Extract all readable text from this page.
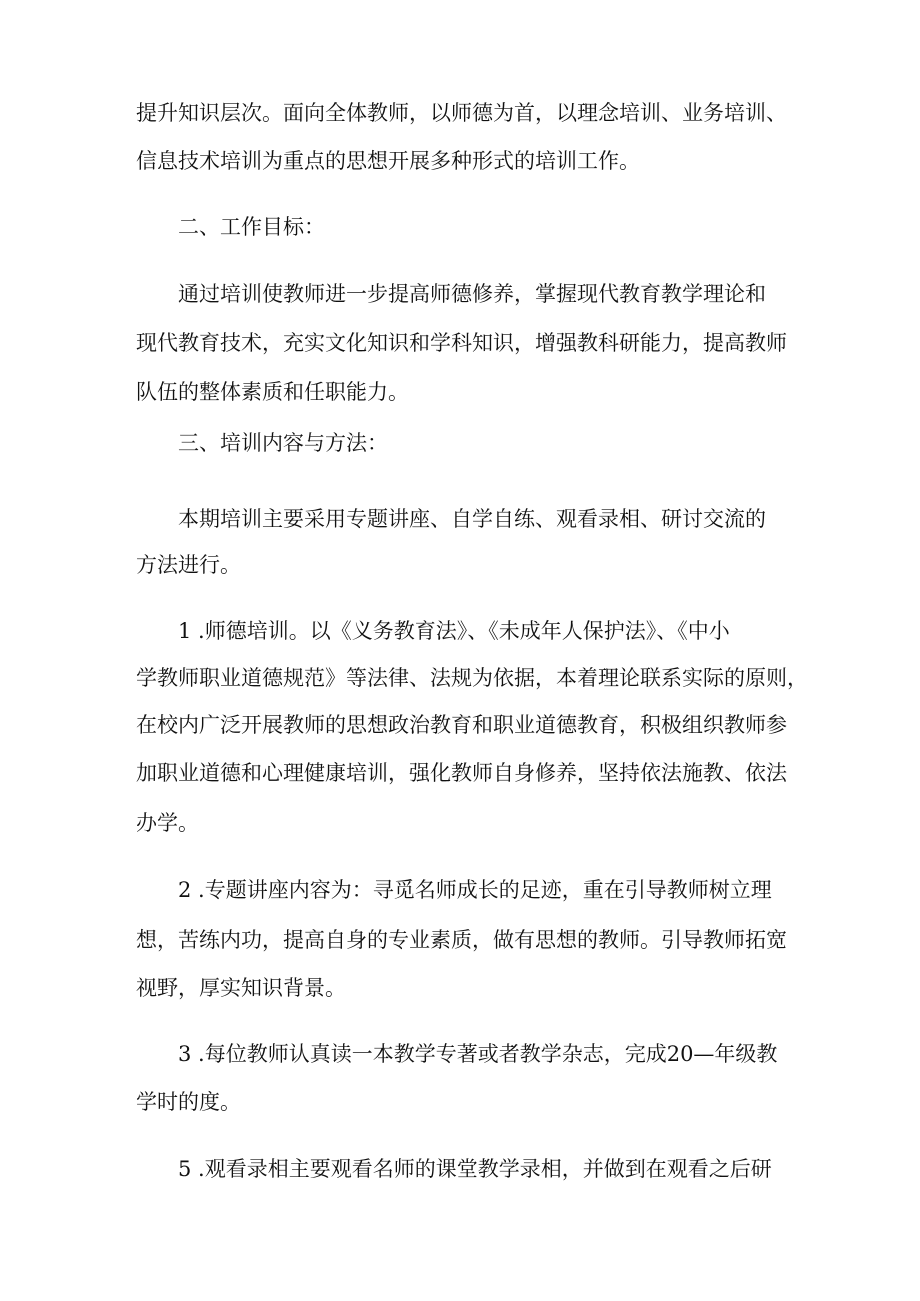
提升知识层次。面向全体教师，以师德为首，以理念培训、业务培训、
信息技术培训为重点的思想开展多种形式的培训工作。
二、工作目标：
通过培训使教师进一步提高师德修养，掌握现代教育教学理论和
现代教育技术，充实文化知识和学科知识，增强教科研能力，提高教师
队伍的整体素质和任职能力。
三、培训内容与方法：
本期培训主要采用专题讲座、自学自练、观看录相、研讨交流的
方法进行。
1 .师德培训。以《义务教育法》、《未成年人保护法》、《中小
学教师职业道德规范》等法律、法规为依据，本着理论联系实际的原则，
在校内广泛开展教师的思想政治教育和职业道德教育，积极组织教师参
加职业道德和心理健康培训，强化教师自身修养，坚持依法施教、依法
办学。
2 .专题讲座内容为：寻觅名师成长的足迹，重在引导教师树立理
想，苦练内功，提高自身的专业素质，做有思想的教师。引导教师拓宽
视野，厚实知识背景。
3 .每位教师认真读一本教学专著或者教学杂志，完成20—年级教
学时的度。
5 .观看录相主要观看名师的课堂教学录相，并做到在观看之后研
